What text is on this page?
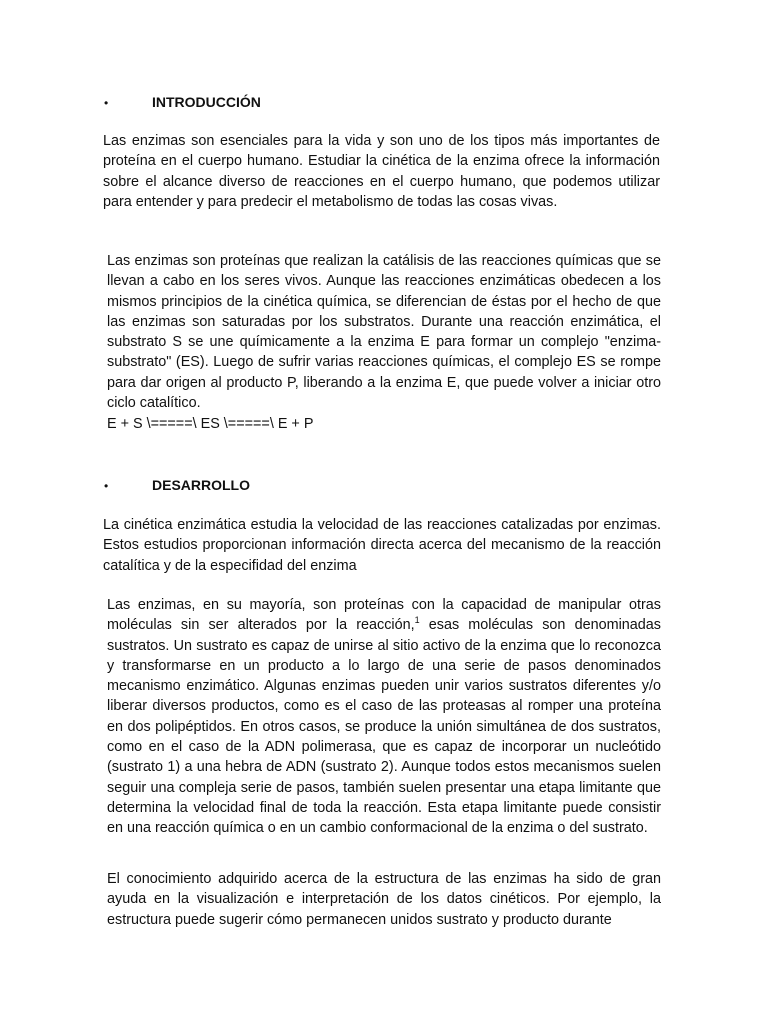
•	INTRODUCCIÓN

Las enzimas son esenciales para la vida y son uno de los tipos más importantes de proteína en el cuerpo humano. Estudiar la cinética de la enzima ofrece la información sobre el alcance diverso de reacciones en el cuerpo humano, que podemos utilizar para entender y para predecir el metabolismo de todas las cosas vivas.

Las enzimas son proteínas que realizan la catálisis de las reacciones químicas que se llevan a cabo en los seres vivos. Aunque las reacciones enzimáticas obedecen a los mismos principios de la cinética química, se diferencian de éstas por el hecho de que las enzimas son saturadas por los substratos. Durante una reacción enzimática, el substrato S se une químicamente a la enzima E para formar un complejo "enzima-substrato" (ES). Luego de sufrir varias reacciones químicas, el complejo ES se rompe para dar origen al producto P, liberando a la enzima E, que puede volver a iniciar otro ciclo catalítico.

E + S \=====\ ES \=====\ E + P

•	DESARROLLO

La cinética enzimática estudia la velocidad de las reacciones catalizadas por enzimas. Estos estudios proporcionan información directa acerca del mecanismo de la reacción catalítica y de la especifidad del enzima

Las enzimas, en su mayoría, son proteínas con la capacidad de manipular otras moléculas sin ser alterados por la reacción,$^1$ esas moléculas son denominadas sustratos. Un sustrato es capaz de unirse al sitio activo de la enzima que lo reconozca y transformarse en un producto a lo largo de una serie de pasos denominados mecanismo enzimático. Algunas enzimas pueden unir varios sustratos diferentes y/o liberar diversos productos, como es el caso de las proteasas al romper una proteína en dos polipéptidos. En otros casos, se produce la unión simultánea de dos sustratos, como en el caso de la ADN polimerasa, que es capaz de incorporar un nucleótido (sustrato 1) a una hebra de ADN (sustrato 2). Aunque todos estos mecanismos suelen seguir una compleja serie de pasos, también suelen presentar una etapa limitante que determina la velocidad final de toda la reacción. Esta etapa limitante puede consistir en una reacción química o en un cambio conformacional de la enzima o del sustrato.

El conocimiento adquirido acerca de la estructura de las enzimas ha sido de gran ayuda en la visualización e interpretación de los datos cinéticos. Por ejemplo, la estructura puede sugerir cómo permanecen unidos sustrato y producto durante
